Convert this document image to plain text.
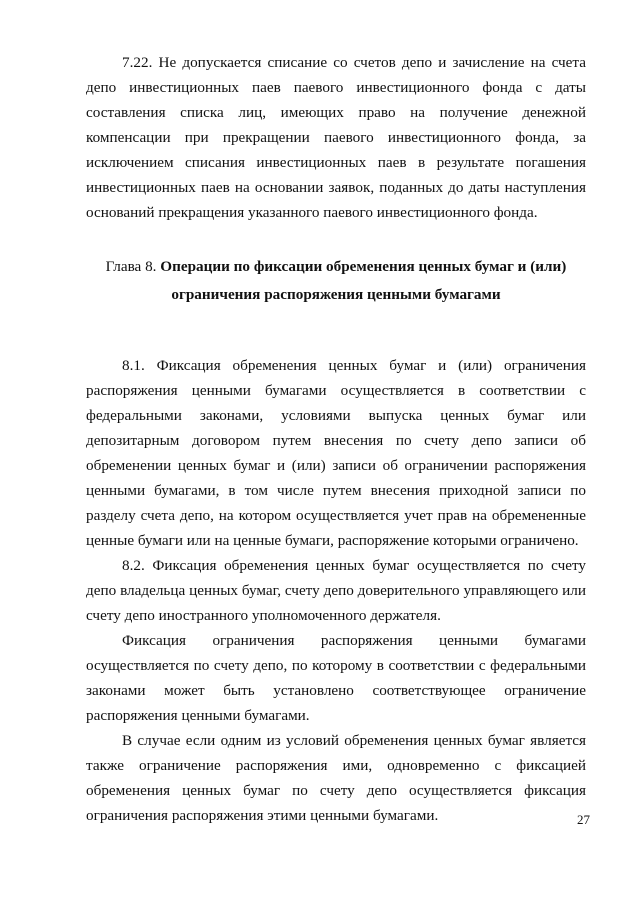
7.22. Не допускается списание со счетов депо и зачисление на счета депо инвестиционных паев паевого инвестиционного фонда с даты составления списка лиц, имеющих право на получение денежной компенсации при прекращении паевого инвестиционного фонда, за исключением списания инвестиционных паев в результате погашения инвестиционных паев на основании заявок, поданных до даты наступления оснований прекращения указанного паевого инвестиционного фонда.

Глава 8. Операции по фиксации обременения ценных бумаг и (или) ограничения распоряжения ценными бумагами

8.1. Фиксация обременения ценных бумаг и (или) ограничения распоряжения ценными бумагами осуществляется в соответствии с федеральными законами, условиями выпуска ценных бумаг или депозитарным договором путем внесения по счету депо записи об обременении ценных бумаг и (или) записи об ограничении распоряжения ценными бумагами, в том числе путем внесения приходной записи по разделу счета депо, на котором осуществляется учет прав на обремененные ценные бумаги или на ценные бумаги, распоряжение которыми ограничено.

8.2. Фиксация обременения ценных бумаг осуществляется по счету депо владельца ценных бумаг, счету депо доверительного управляющего или счету депо иностранного уполномоченного держателя.

Фиксация ограничения распоряжения ценными бумагами осуществляется по счету депо, по которому в соответствии с федеральными законами может быть установлено соответствующее ограничение распоряжения ценными бумагами.

В случае если одним из условий обременения ценных бумаг является также ограничение распоряжения ими, одновременно с фиксацией обременения ценных бумаг по счету депо осуществляется фиксация ограничения распоряжения этими ценными бумагами.	27
